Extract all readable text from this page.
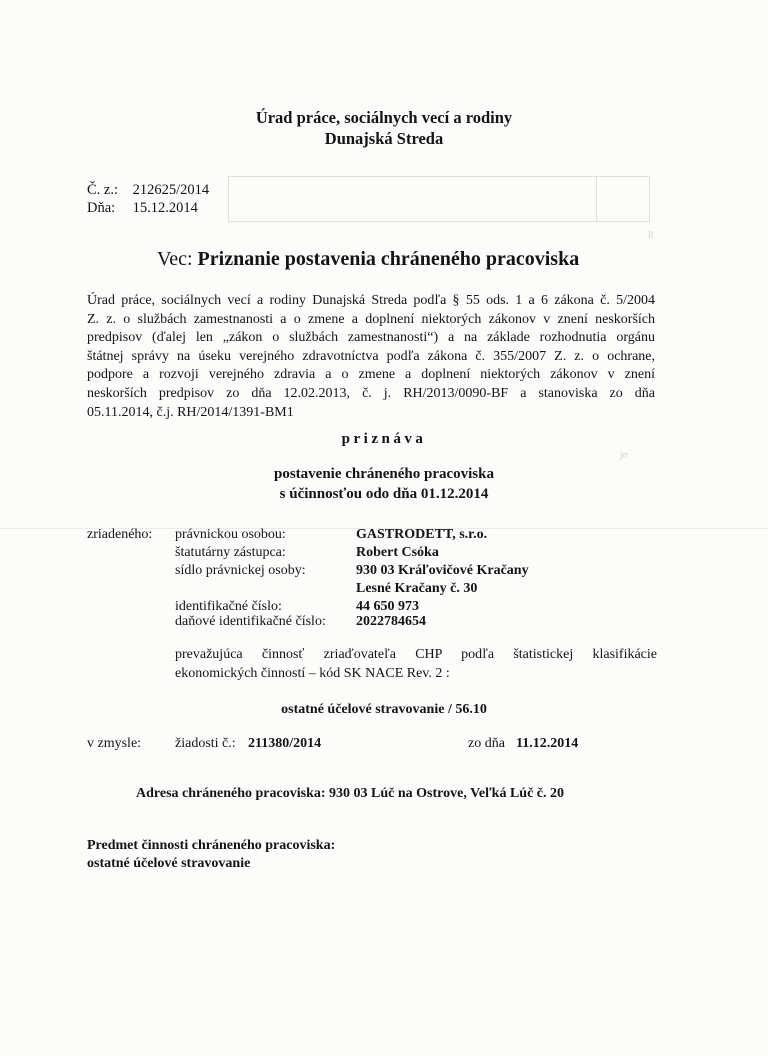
II
je
Úrad práce, sociálnych vecí a rodiny
Dunajská Streda
Č. z.: 212625/2014
Dňa: 15.12.2014
Vec: Priznanie postavenia chráneného pracoviska
Úrad práce, sociálnych vecí a rodiny Dunajská Streda podľa § 55 ods. 1 a 6 zákona č. 5/2004
Z. z. o službách zamestnanosti a o zmene a doplnení niektorých zákonov v znení neskorších
predpisov (ďalej len „zákon o službách zamestnanosti“) a na základe rozhodnutia orgánu
štátnej správy na úseku verejného zdravotníctva podľa zákona č. 355/2007 Z. z. o ochrane,
podpore a rozvoji verejného zdravia a o zmene a doplnení niektorých zákonov v znení
neskorších predpisov zo dňa 12.02.2013, č. j. RH/2013/0090-BF a stanoviska zo dňa
05.11.2014, č.j. RH/2014/1391-BM1
priznáva
postavenie chráneného pracoviska
s účinnosťou odo dňa 01.12.2014
zriadeného: právnickou osobou:	GASTRODETT, s.r.o.
štatutárny zástupca:	Robert Csóka
sídlo právnickej osoby:	930 03 Kráľovičové Kračany
Lesné Kračany č. 30
identifikačné číslo:	44 650 973
daňové identifikačné číslo: 2022784654
prevažujúca činnosť zriaďovateľa CHP podľa štatistickej klasifikácie
ekonomických činností – kód SK NACE Rev. 2 :
ostatné účelové stravovanie / 56.10
v zmysle: žiadosti č.: 211380/2014	zo dňa 11.12.2014
Adresa chráneného pracoviska: 930 03 Lúč na Ostrove, Veľká Lúč č. 20
Predmet činnosti chráneného pracoviska:
ostatné účelové stravovanie
